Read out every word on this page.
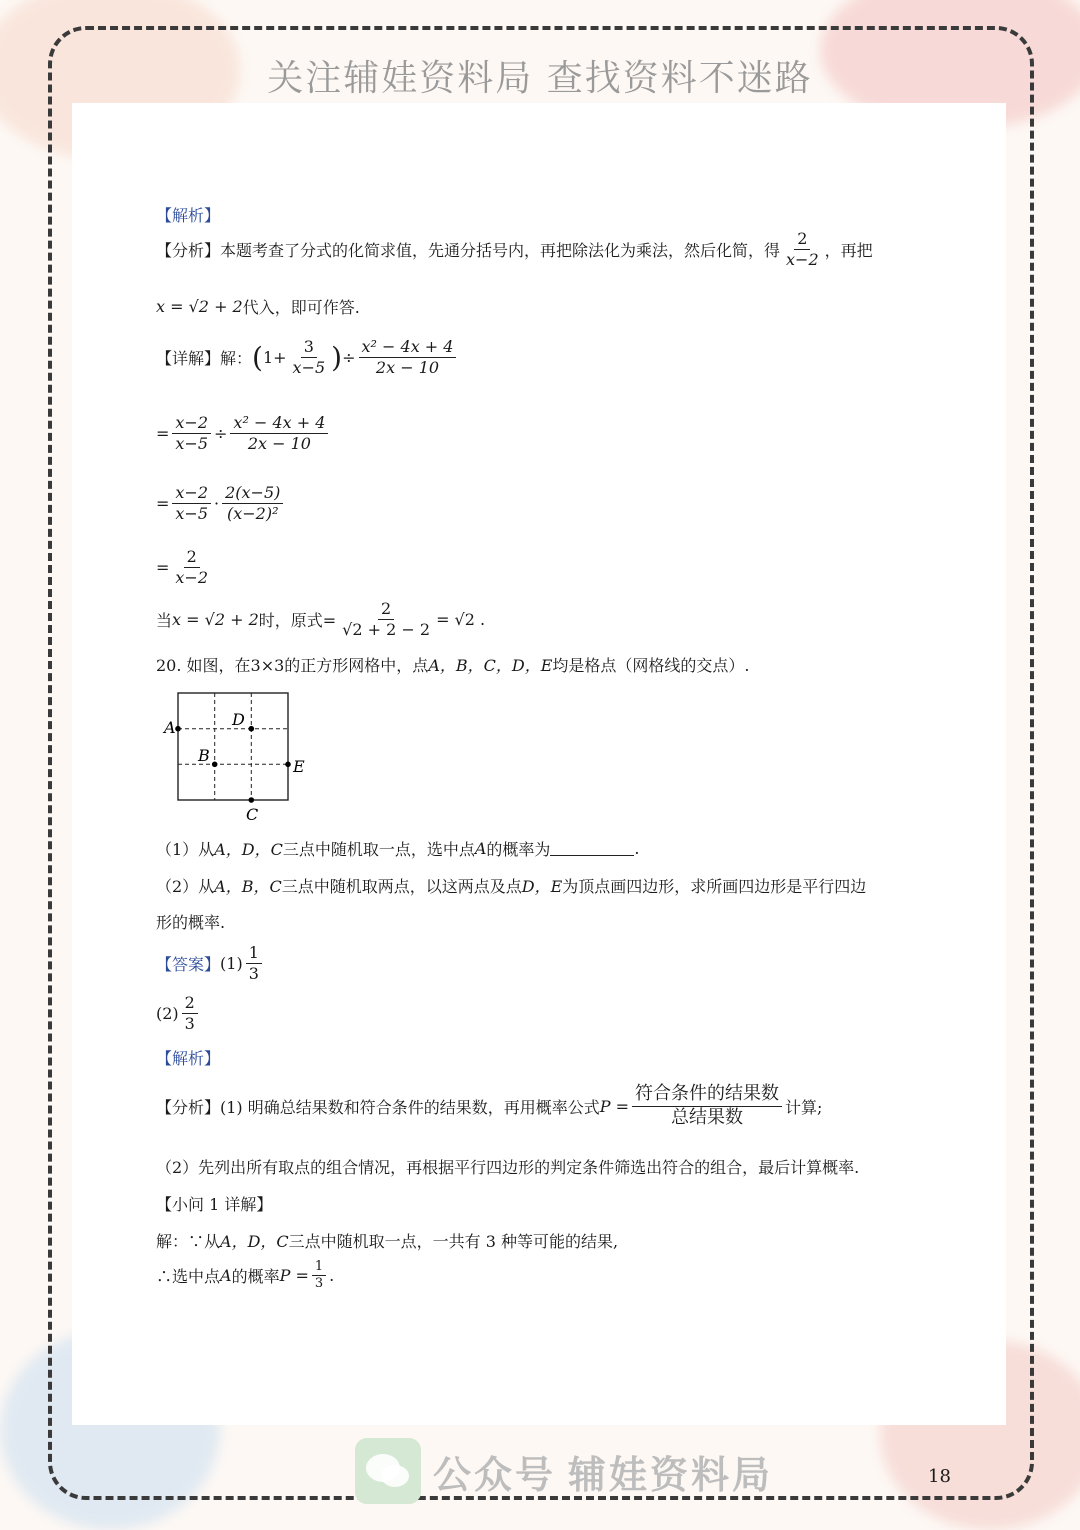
关注辅娃资料局 查找资料不迷路
【解析】
【分析】本题考查了分式的化简求值，先通分括号内，再把除法化为乘法，然后化简，得 $\frac{2}{x-2}$ ，再把
x = √2 + 2 代入，即可作答.
【详解】解： ( $1+ \frac{3}{x-5}$ ) ÷ $\frac{\text{x² − 4x + 4}}{2x - 10}$
= $\frac{x-2}{x-5} \div \frac{\text{x² − 4x + 4}}{2x - 10}$
= $\frac{x-2}{x-5} \cdot \frac{2(x-5)}{\text{(x−2)²}}$
= $\frac{2}{x-2}$
当 x = √2 + 2 时，原式= $\frac{2}{√2 + 2 - 2} = √2$ .
20. 如图，在3×3的正方形网格中，点 A，B，C，D，E 均是格点（网格线的交点）.
A	D
B
E
C
（1）从 A，D，C 三点中随机取一点，选中点 A 的概率为	.
（2）从 A，B，C 三点中随机取两点，以这两点及点 D，E 为顶点画四边形，求所画四边形是平行四边
形的概率.
【答案】 $(1) \frac{1}{3}$
$(2) \frac{2}{3}$
【解析】
【分析】(1) 明确总结果数和符合条件的结果数，再用概率公式 $P = \frac{\text{符合条件的结果数}}{\text{总结果数}}$ 计算;
（2）先列出所有取点的组合情况，再根据平行四边形的判定条件筛选出符合的组合，最后计算概率.
【小问 1 详解】
解：∵从 A，D，C 三点中随机取一点，一共有 3 种等可能的结果,
∴选中点 A 的概率 $P = \frac{1}{3}$ .
公众号 辅娃资料局	18
